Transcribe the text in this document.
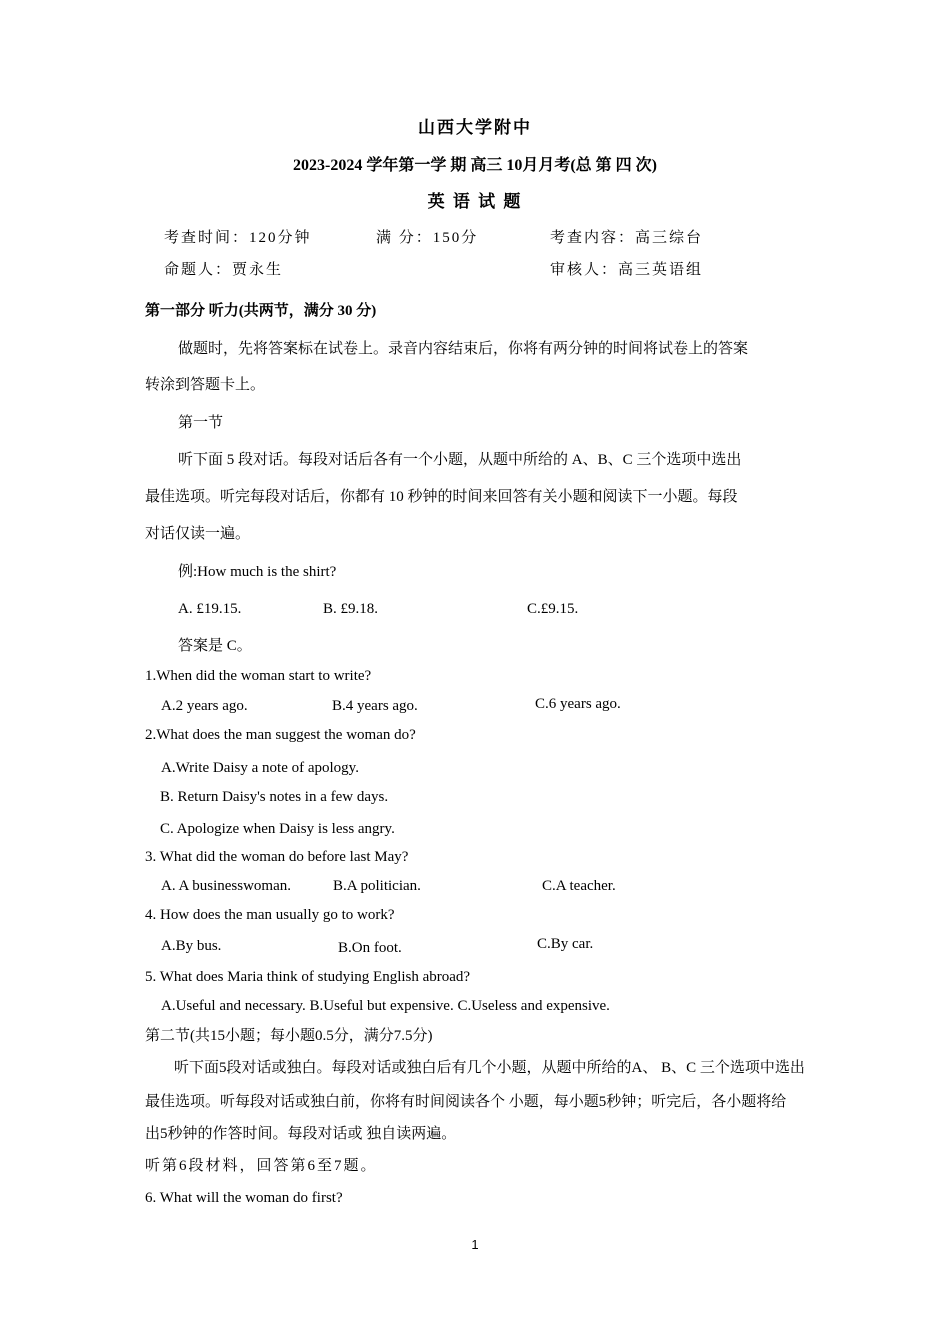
山西大学附中
2023-2024 学年第一学 期 高三 10月月考(总 第 四 次)
英 语 试 题
考查时间：120分钟	满 分：150分	考查内容：高三综台
命题人：贾永生	审核人：高三英语组
第一部分 听力(共两节，满分 30 分)
做题时，先将答案标在试卷上。录音内容结束后，你将有两分钟的时间将试卷上的答案
转涂到答题卡上。
第一节
听下面 5 段对话。每段对话后各有一个小题，从题中所给的 A、B、C 三个选项中选出
最佳选项。听完每段对话后，你都有 10 秒钟的时间来回答有关小题和阅读下一小题。每段
对话仅读一遍。
例:How much is the shirt?
A. £19.15.	B. £9.18.	C.£9.15.
答案是 C。
1.When did the woman start to write?
A.2 years ago.	B.4 years ago.	C.6 years ago.
2.What does the man suggest the woman do?
A.Write Daisy a note of apology.
B. Return Daisy's notes in a few days.
C. Apologize when Daisy is less angry.
3. What did the woman do before last May?
A. A businesswoman.	B.A politician.	C.A teacher.
4. How does the man usually go to work?
A.By bus.	B.On foot.	C.By car.
5. What does Maria think of studying English abroad?
A.Useful and necessary. B.Useful but expensive. C.Useless and expensive.
第二节(共15小题；每小题0.5分，满分7.5分)
听下面5段对话或独白。每段对话或独白后有几个小题，从题中所给的A、 B、C 三个选项中选出
最佳选项。听每段对话或独白前，你将有时间阅读各个 小题，每小题5秒钟；听完后，各小题将给
出5秒钟的作答时间。每段对话或 独自读两遍。
听第6段材料，回答第6至7题。
6. What will the woman do first?
1
